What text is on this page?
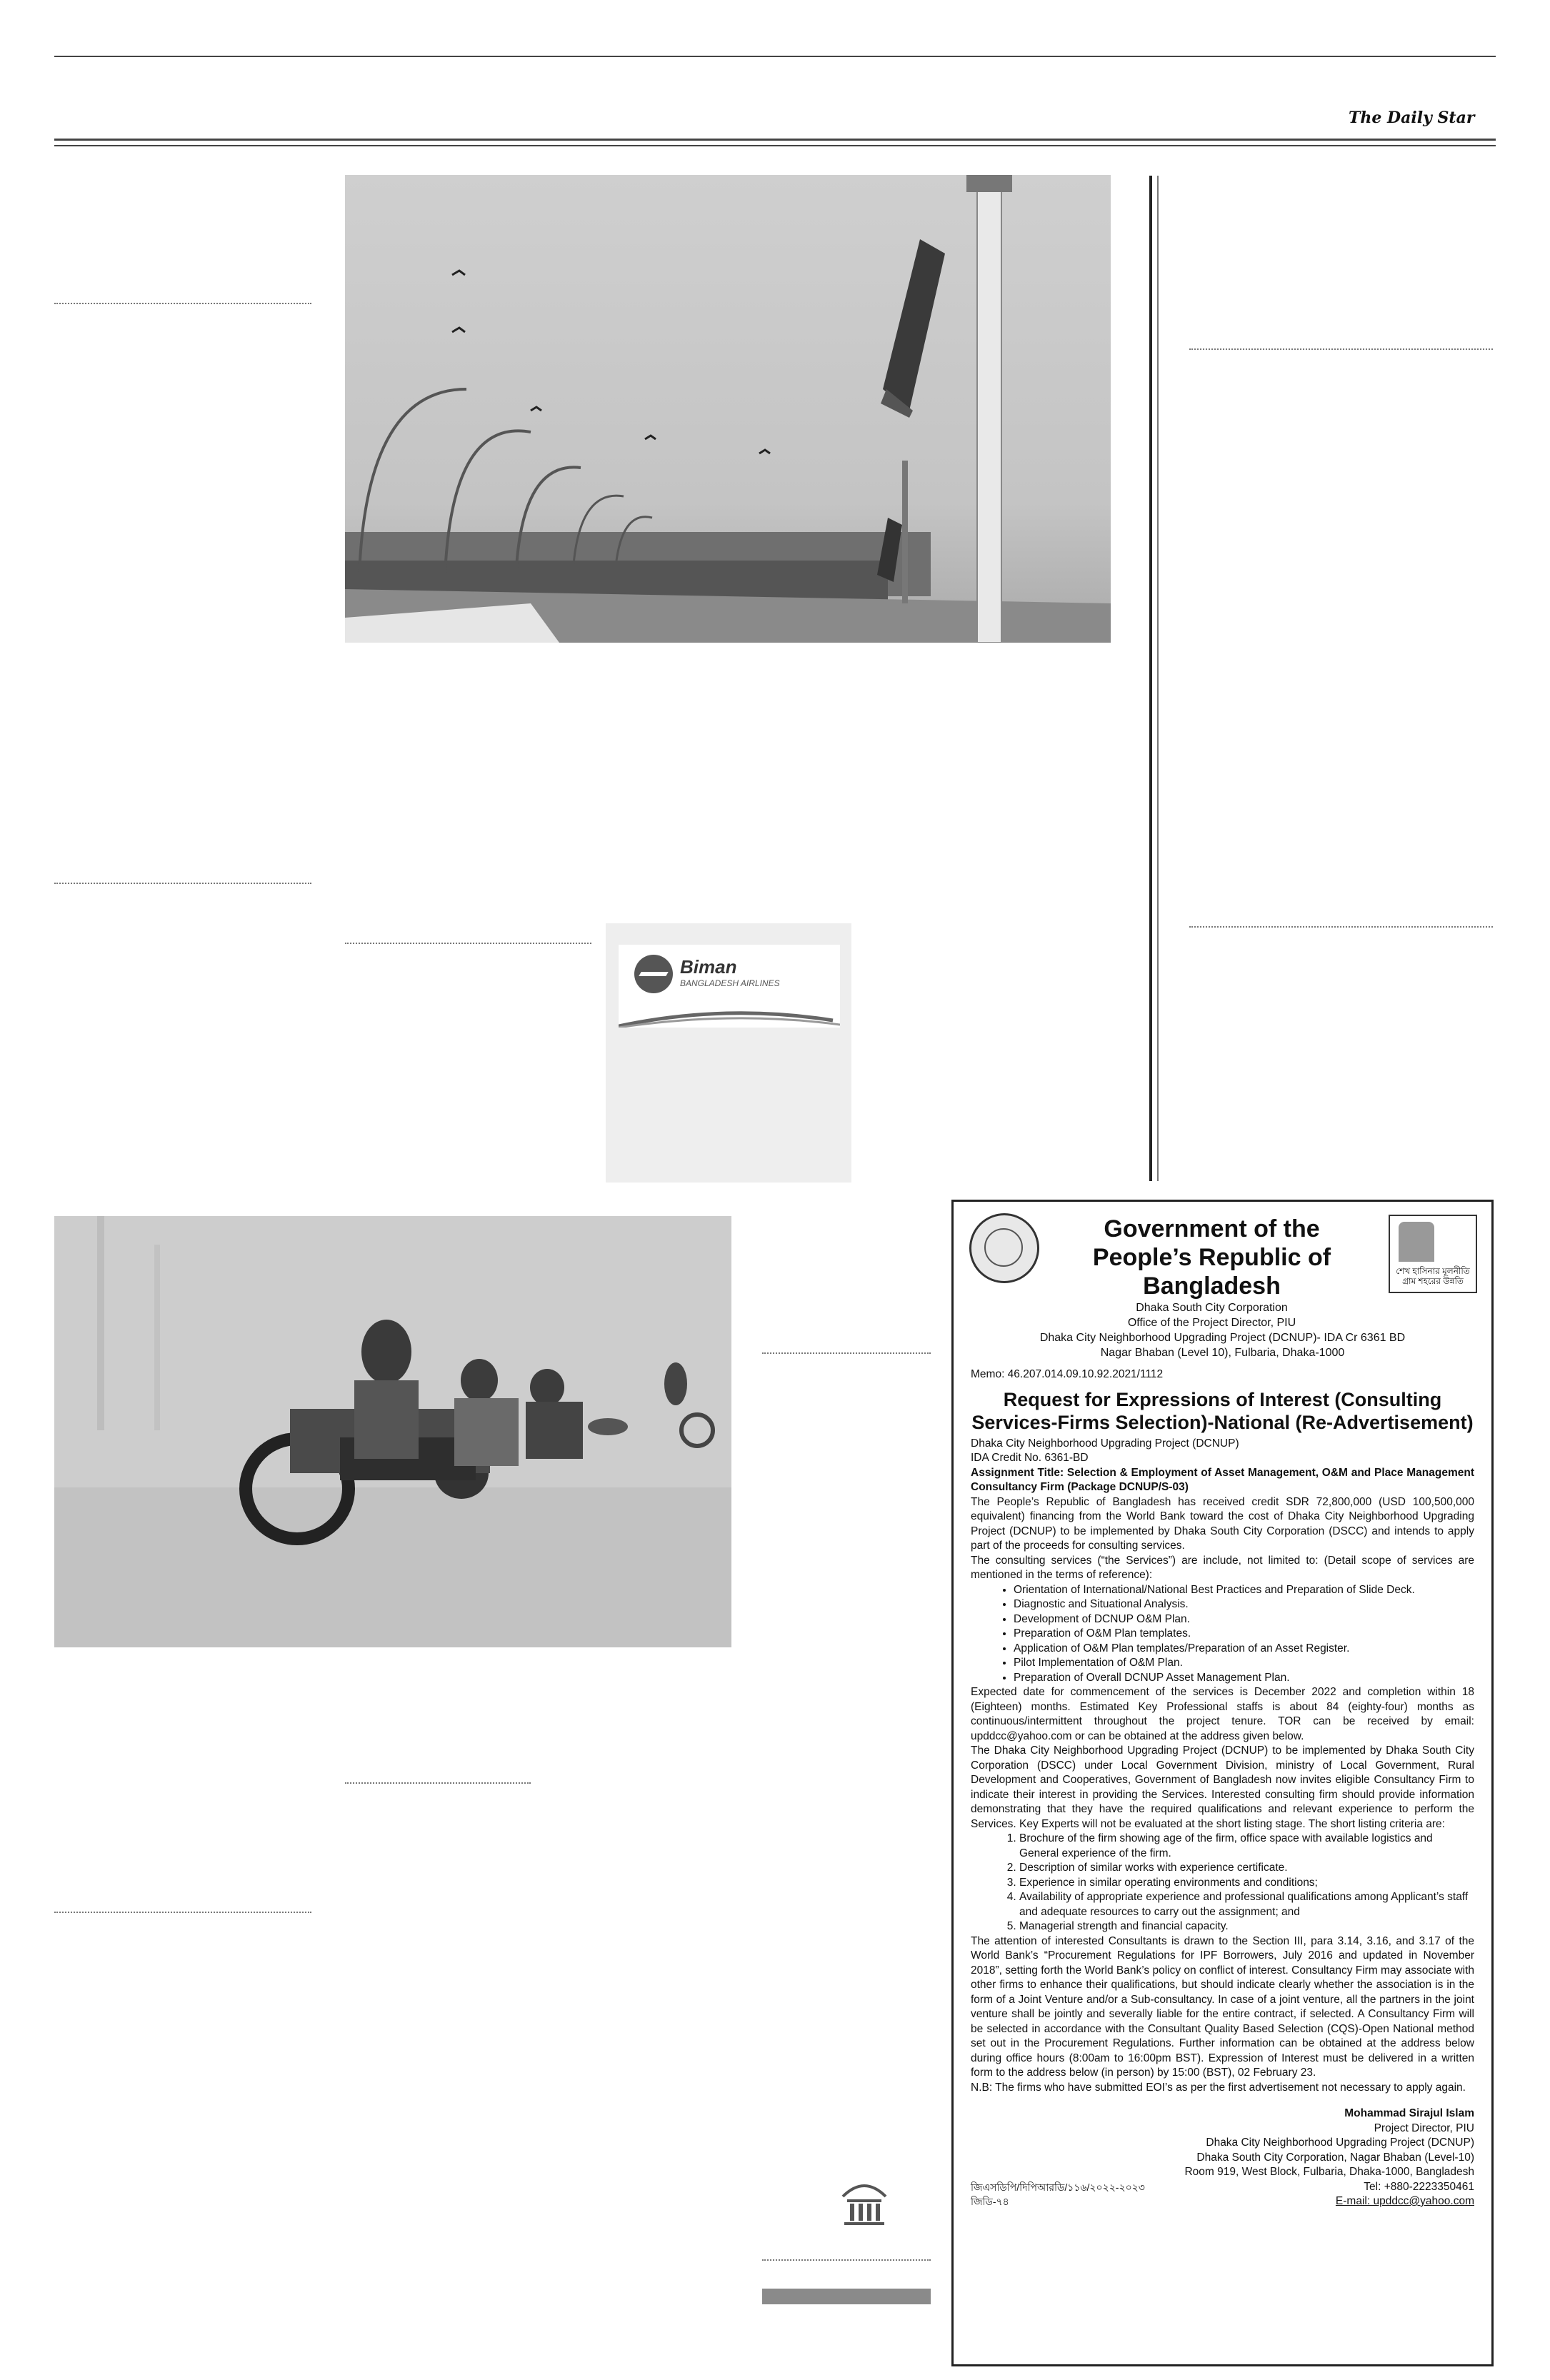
The Daily Star
Biman
BANGLADESH AIRLINES
শেখ হাসিনার মূলনীতি গ্রাম শহরের উন্নতি
Government of the People’s Republic of Bangladesh
Dhaka South City Corporation
Office of the Project Director, PIU
Dhaka City Neighborhood Upgrading Project (DCNUP)- IDA Cr 6361 BD
Nagar Bhaban (Level 10), Fulbaria, Dhaka-1000

Memo: 46.207.014.09.10.92.2021/1112

Request for Expressions of Interest (Consulting Services-Firms Selection)-National (Re-Advertisement)

Dhaka City Neighborhood Upgrading Project (DCNUP)

IDA Credit No. 6361-BD

Assignment Title: Selection & Employment of Asset Management, O&M and Place Management Consultancy Firm (Package DCNUP/S-03)

The People’s Republic of Bangladesh has received credit SDR 72,800,000 (USD 100,500,000 equivalent) financing from the World Bank toward the cost of Dhaka City Neighborhood Upgrading Project (DCNUP) to be implemented by Dhaka South City Corporation (DSCC) and intends to apply part of the proceeds for consulting services.

The consulting services (“the Services”) are include, not limited to: (Detail scope of services are mentioned in the terms of reference):

• Orientation of International/National Best Practices and Preparation of Slide Deck.
• Diagnostic and Situational Analysis.
• Development of DCNUP O&M Plan.
• Preparation of O&M Plan templates.
• Application of O&M Plan templates/Preparation of an Asset Register.
• Pilot Implementation of O&M Plan.
• Preparation of Overall DCNUP Asset Management Plan.

Expected date for commencement of the services is December 2022 and completion within 18 (Eighteen) months. Estimated Key Professional staffs is about 84 (eighty-four) months as continuous/intermittent throughout the project tenure. TOR can be received by email: upddcc@yahoo.com or can be obtained at the address given below.

The Dhaka City Neighborhood Upgrading Project (DCNUP) to be implemented by Dhaka South City Corporation (DSCC) under Local Government Division, ministry of Local Government, Rural Development and Cooperatives, Government of Bangladesh now invites eligible Consultancy Firm to indicate their interest in providing the Services. Interested consulting firm should provide information demonstrating that they have the required qualifications and relevant experience to perform the Services. Key Experts will not be evaluated at the short listing stage. The short listing criteria are:

1. Brochure of the firm showing age of the firm, office space with available logistics and General experience of the firm.
2. Description of similar works with experience certificate.
3. Experience in similar operating environments and conditions;
4. Availability of appropriate experience and professional qualifications among Applicant’s staff and adequate resources to carry out the assignment; and
5. Managerial strength and financial capacity.

The attention of interested Consultants is drawn to the Section III, para 3.14, 3.16, and 3.17 of the World Bank’s “Procurement Regulations for IPF Borrowers, July 2016 and updated in November 2018”, setting forth the World Bank’s policy on conflict of interest. Consultancy Firm may associate with other firms to enhance their qualifications, but should indicate clearly whether the association is in the form of a Joint Venture and/or a Sub-consultancy. In case of a joint venture, all the partners in the joint venture shall be jointly and severally liable for the entire contract, if selected. A Consultancy Firm will be selected in accordance with the Consultant Quality Based Selection (CQS)-Open National method set out in the Procurement Regulations. Further information can be obtained at the address below during office hours (8:00am to 16:00pm BST). Expression of Interest must be delivered in a written form to the address below (in person) by 15:00 (BST), 02 February 23.

N.B: The firms who have submitted EOI’s as per the first advertisement not necessary to apply again.

Mohammad Sirajul Islam
Project Director, PIU
Dhaka City Neighborhood Upgrading Project (DCNUP)
Dhaka South City Corporation, Nagar Bhaban (Level-10)
Room 919, West Block, Fulbaria, Dhaka-1000, Bangladesh
জিএসডিপি/দিপিআরডি/১১৬/২০২২-২০২৩	Tel: +880-2223350461
জিডি-৭৪	E-mail: upddcc@yahoo.com
